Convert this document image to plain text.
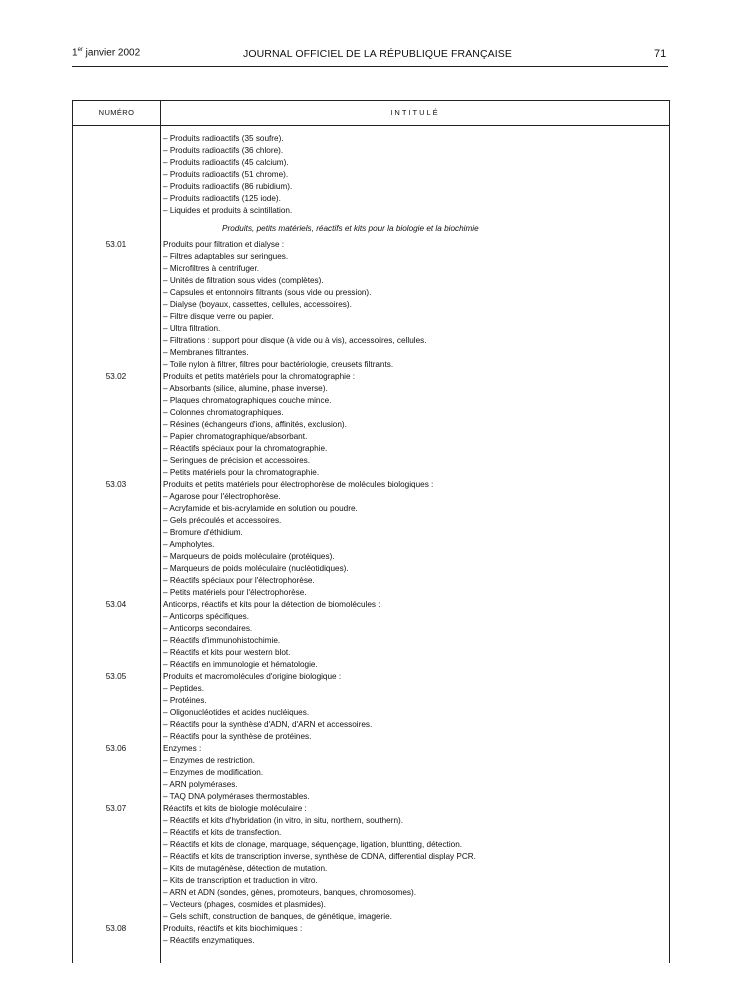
1er janvier 2002	JOURNAL OFFICIEL DE LA RÉPUBLIQUE FRANÇAISE	71
NUMÉRO	INTITULÉ
– Produits radioactifs (35 soufre).
– Produits radioactifs (36 chlore).
– Produits radioactifs (45 calcium).
– Produits radioactifs (51 chrome).
– Produits radioactifs (86 rubidium).
– Produits radioactifs (125 iode).
– Liquides et produits à scintillation.
Produits, petits matériels, réactifs et kits pour la biologie et la biochimie
53.01	Produits pour filtration et dialyse :
– Filtres adaptables sur seringues.
– Microfiltres à centrifuger.
– Unités de filtration sous vides (complètes).
– Capsules et entonnoirs filtrants (sous vide ou pression).
– Dialyse (boyaux, cassettes, cellules, accessoires).
– Filtre disque verre ou papier.
– Ultra filtration.
– Filtrations : support pour disque (à vide ou à vis), accessoires, cellules.
– Membranes filtrantes.
– Toile nylon à filtrer, filtres pour bactériologie, creusets filtrants.
53.02	Produits et petits matériels pour la chromatographie :
– Absorbants (silice, alumine, phase inverse).
– Plaques chromatographiques couche mince.
– Colonnes chromatographiques.
– Résines (échangeurs d'ions, affinités, exclusion).
– Papier chromatographique/absorbant.
– Réactifs spéciaux pour la chromatographie.
– Seringues de précision et accessoires.
– Petits matériels pour la chromatographie.
53.03	Produits et petits matériels pour électrophorèse de molécules biologiques :
– Agarose pour l'électrophorèse.
– Acryfamide et bis-acrylamide en solution ou poudre.
– Gels précoulés et accessoires.
– Bromure d'éthidium.
– Ampholytes.
– Marqueurs de poids moléculaire (protéiques).
– Marqueurs de poids moléculaire (nucléotidiques).
– Réactifs spéciaux pour l'électrophorèse.
– Petits matériels pour l'électrophorèse.
53.04	Anticorps, réactifs et kits pour la détection de biomolécules :
– Anticorps spécifiques.
– Anticorps secondaires.
– Réactifs d'immunohistochimie.
– Réactifs et kits pour western blot.
– Réactifs en immunologie et hématologie.
53.05	Produits et macromolécules d'origine biologique :
– Peptides.
– Protéines.
– Oligonucléotides et acides nucléiques.
– Réactifs pour la synthèse d'ADN, d'ARN et accessoires.
– Réactifs pour la synthèse de protéines.
53.06	Enzymes :
– Enzymes de restriction.
– Enzymes de modification.
– ARN polymérases.
– TAQ DNA polymérases thermostables.
53.07	Réactifs et kits de biologie moléculaire :
– Réactifs et kits d'hybridation (in vitro, in situ, northern, southern).
– Réactifs et kits de transfection.
– Réactifs et kits de clonage, marquage, séquençage, ligation, bluntting, détection.
– Réactifs et kits de transcription inverse, synthèse de CDNA, differential display PCR.
– Kits de mutagénèse, détection de mutation.
– Kits de transcription et traduction in vitro.
– ARN et ADN (sondes, gènes, promoteurs, banques, chromosomes).
– Vecteurs (phages, cosmides et plasmides).
– Gels schift, construction de banques, de génétique, imagerie.
53.08	Produits, réactifs et kits biochimiques :
– Réactifs enzymatiques.
